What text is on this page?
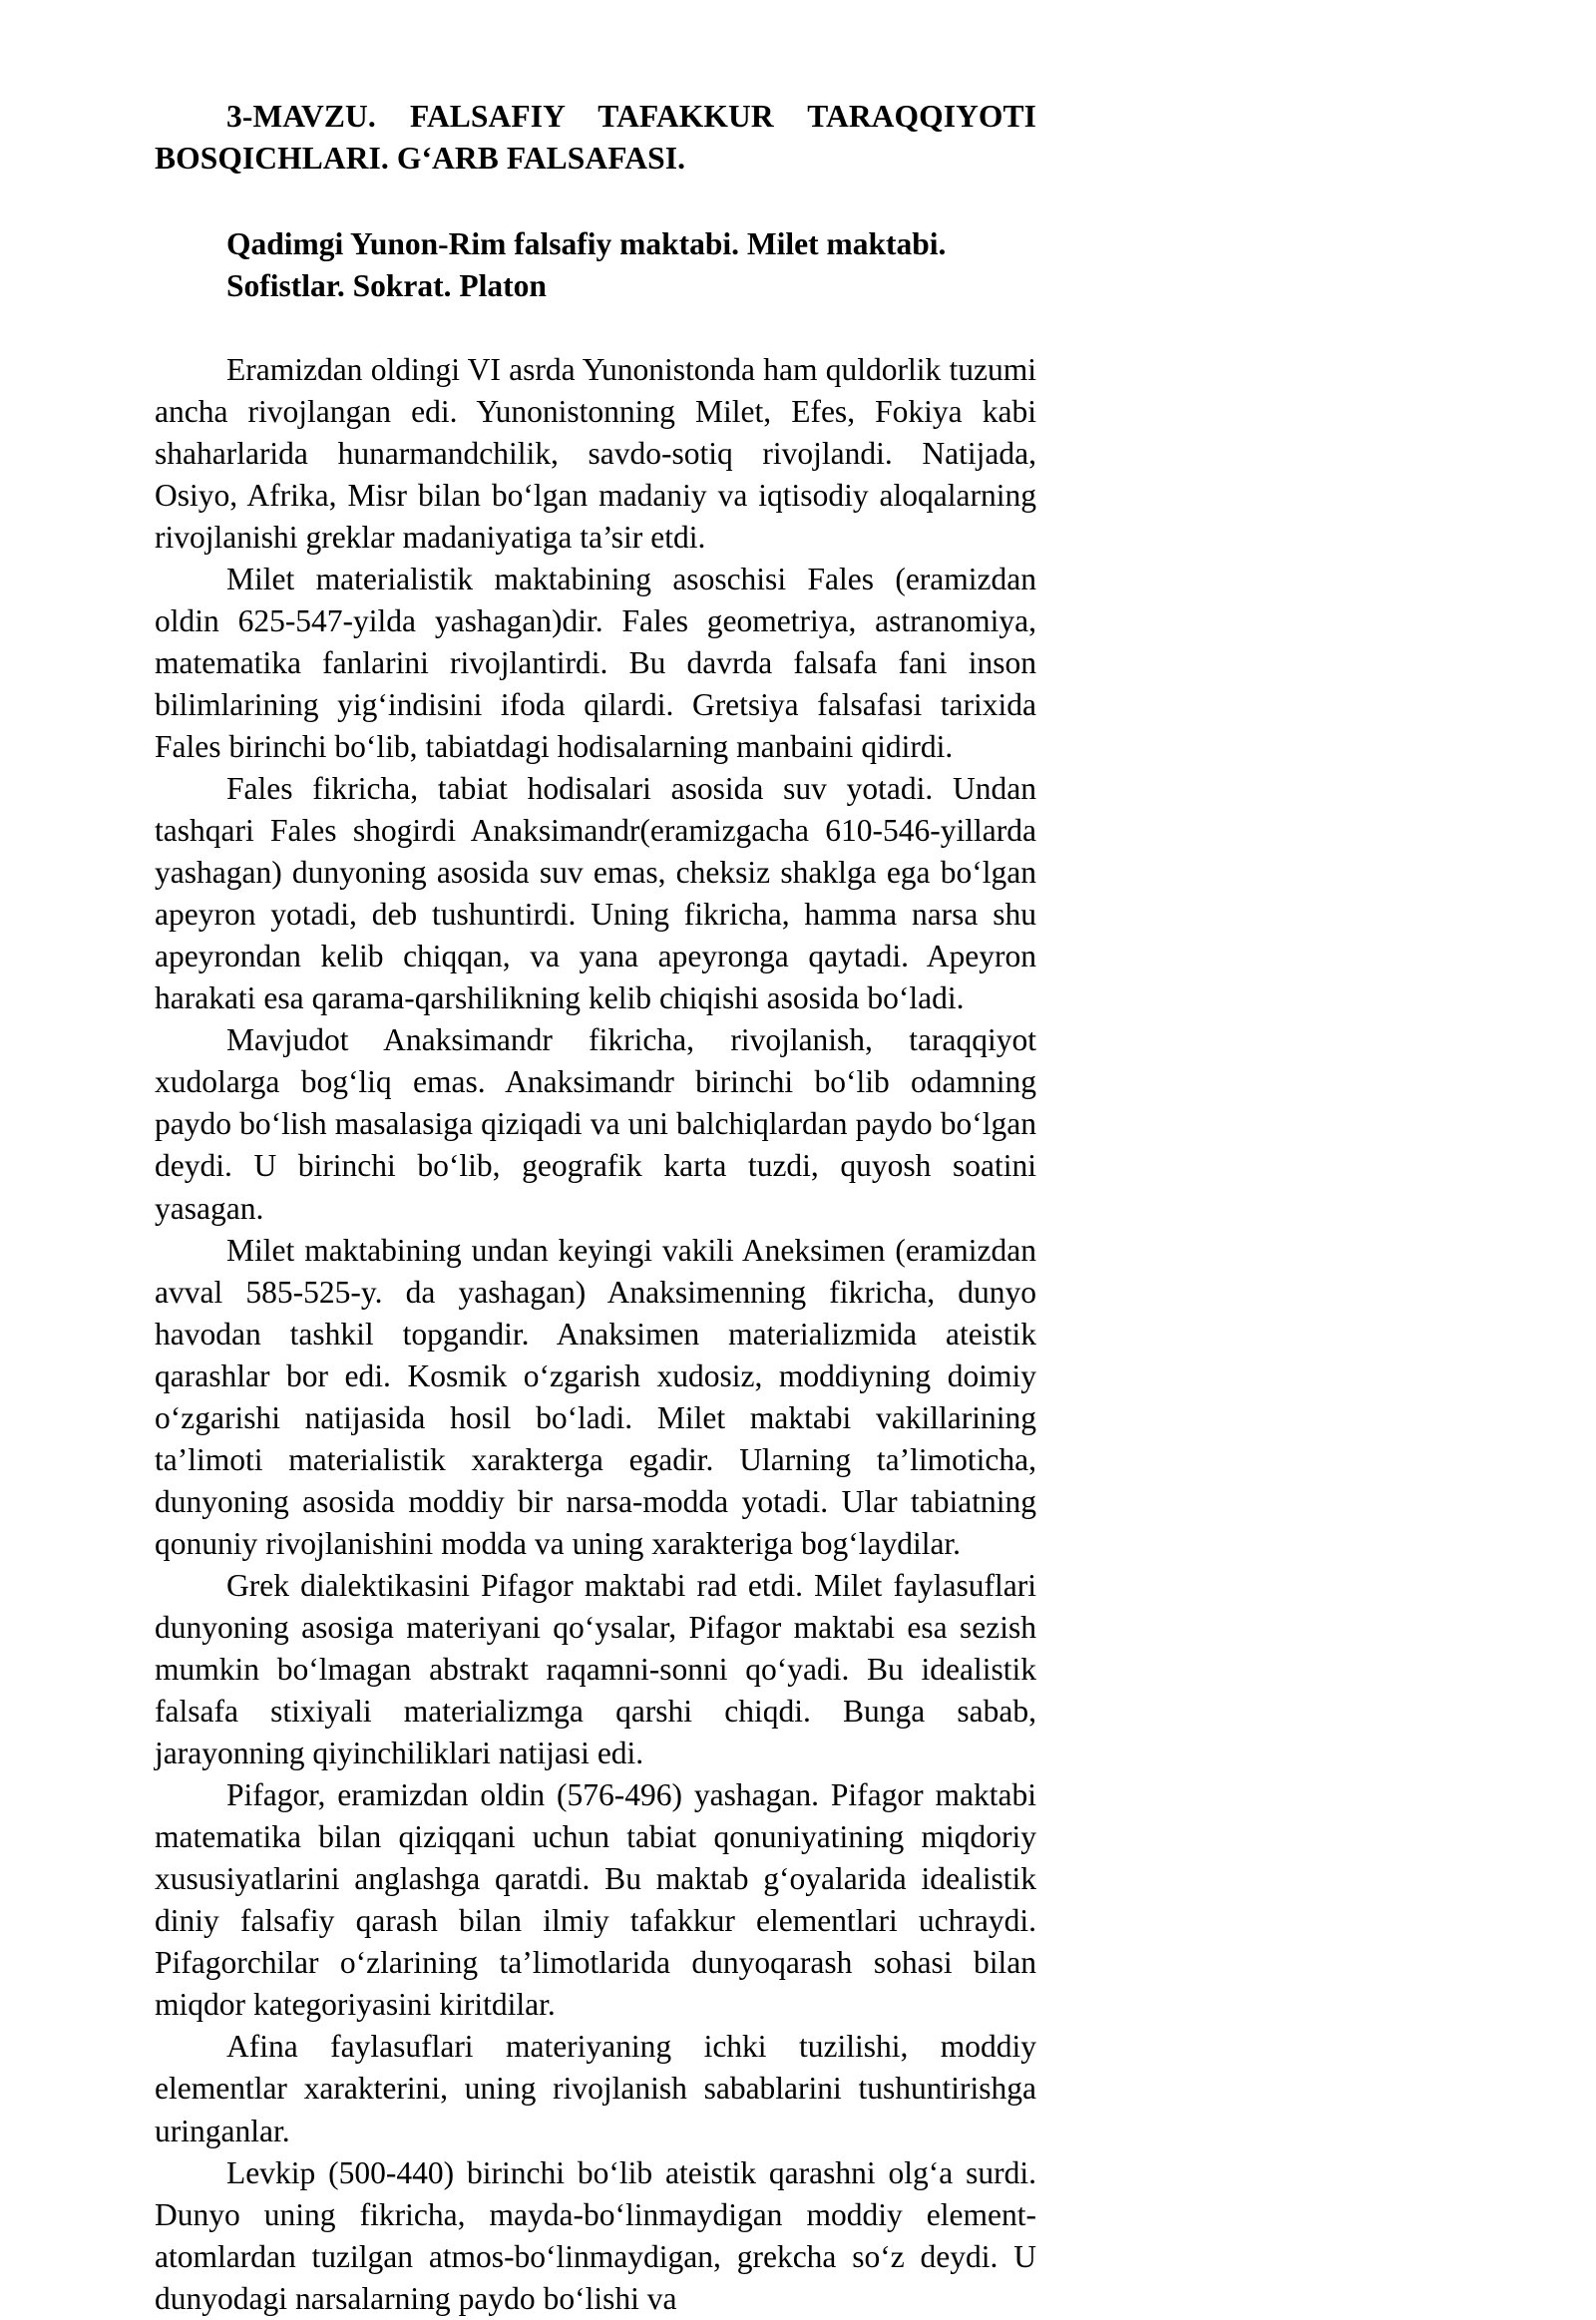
3-MAVZU. FALSAFIY TAFAKKUR TARAQQIYOTI BOSQICHLARI. G‘ARB FALSAFASI.
Qadimgi Yunon-Rim falsafiy maktabi. Milet maktabi. Sofistlar. Sokrat. Platon

Eramizdan oldingi VI asrda Yunonistonda ham quldorlik tuzumi ancha rivojlangan edi. Yunonistonning Milet, Efes, Fokiya kabi shaharlarida hunarmandchilik, savdo-sotiq rivojlandi. Natijada, Osiyo, Afrika, Misr bilan bo‘lgan madaniy va iqtisodiy aloqalarning rivojlanishi greklar madaniyatiga ta’sir etdi.

Milet materialistik maktabining asoschisi Fales (eramizdan oldin 625-547-yilda yashagan)dir. Fales geometriya, astranomiya, matematika fanlarini rivojlantirdi. Bu davrda falsafa fani inson bilimlarining yig‘indisini ifoda qilardi. Gretsiya falsafasi tarixida Fales birinchi bo‘lib, tabiatdagi hodisalarning manbaini qidirdi.

Fales fikricha, tabiat hodisalari asosida suv yotadi. Undan tashqari Fales shogirdi Anaksimandr(eramizgacha 610-546-yillarda yashagan) dunyoning asosida suv emas, cheksiz shaklga ega bo‘lgan apeyron yotadi, deb tushuntirdi. Uning fikricha, hamma narsa shu apeyrondan kelib chiqqan, va yana apeyronga qaytadi. Apeyron harakati esa qarama-qarshilikning kelib chiqishi asosida bo‘ladi.

Mavjudot Anaksimandr fikricha, rivojlanish, taraqqiyot xudolarga bog‘liq emas. Anaksimandr birinchi bo‘lib odamning paydo bo‘lish masalasiga qiziqadi va uni balchiqlardan paydo bo‘lgan deydi. U birinchi bo‘lib, geografik karta tuzdi, quyosh soatini yasagan.

Milet maktabining undan keyingi vakili Aneksimen (eramizdan avval 585-525-y. da yashagan) Anaksimenning fikricha, dunyo havodan tashkil topgandir. Anaksimen materializmida ateistik qarashlar bor edi. Kosmik o‘zgarish xudosiz, moddiyning doimiy o‘zgarishi natijasida hosil bo‘ladi. Milet maktabi vakillarining ta’limoti materialistik xarakterga egadir. Ularning ta’limoticha, dunyoning asosida moddiy bir narsa-modda yotadi. Ular tabiatning qonuniy rivojlanishini modda va uning xarakteriga bog‘laydilar.

Grek dialektikasini Pifagor maktabi rad etdi. Milet faylasuflari dunyoning asosiga materiyani qo‘ysalar, Pifagor maktabi esa sezish mumkin bo‘lmagan abstrakt raqamni-sonni qo‘yadi. Bu idealistik falsafa stixiyali materializmga qarshi chiqdi. Bunga sabab, jarayonning qiyinchiliklari natijasi edi.

Pifagor, eramizdan oldin (576-496) yashagan. Pifagor maktabi matematika bilan qiziqqani uchun tabiat qonuniyatining miqdoriy xususiyatlarini anglashga qaratdi. Bu maktab g‘oyalarida idealistik diniy falsafiy qarash bilan ilmiy tafakkur elementlari uchraydi. Pifagorchilar o‘zlarining ta’limotlarida dunyoqarash sohasi bilan miqdor kategoriyasini kiritdilar.

Afina faylasuflari materiyaning ichki tuzilishi, moddiy elementlar xarakterini, uning rivojlanish sabablarini tushuntirishga uringanlar.

Levkip (500-440) birinchi bo‘lib ateistik qarashni olg‘a surdi. Dunyo uning fikricha, mayda-bo‘linmaydigan moddiy element- atomlardan tuzilgan atmos-bo‘linmaydigan, grekcha so‘z deydi. U dunyodagi narsalarning paydo bo‘lishi va
